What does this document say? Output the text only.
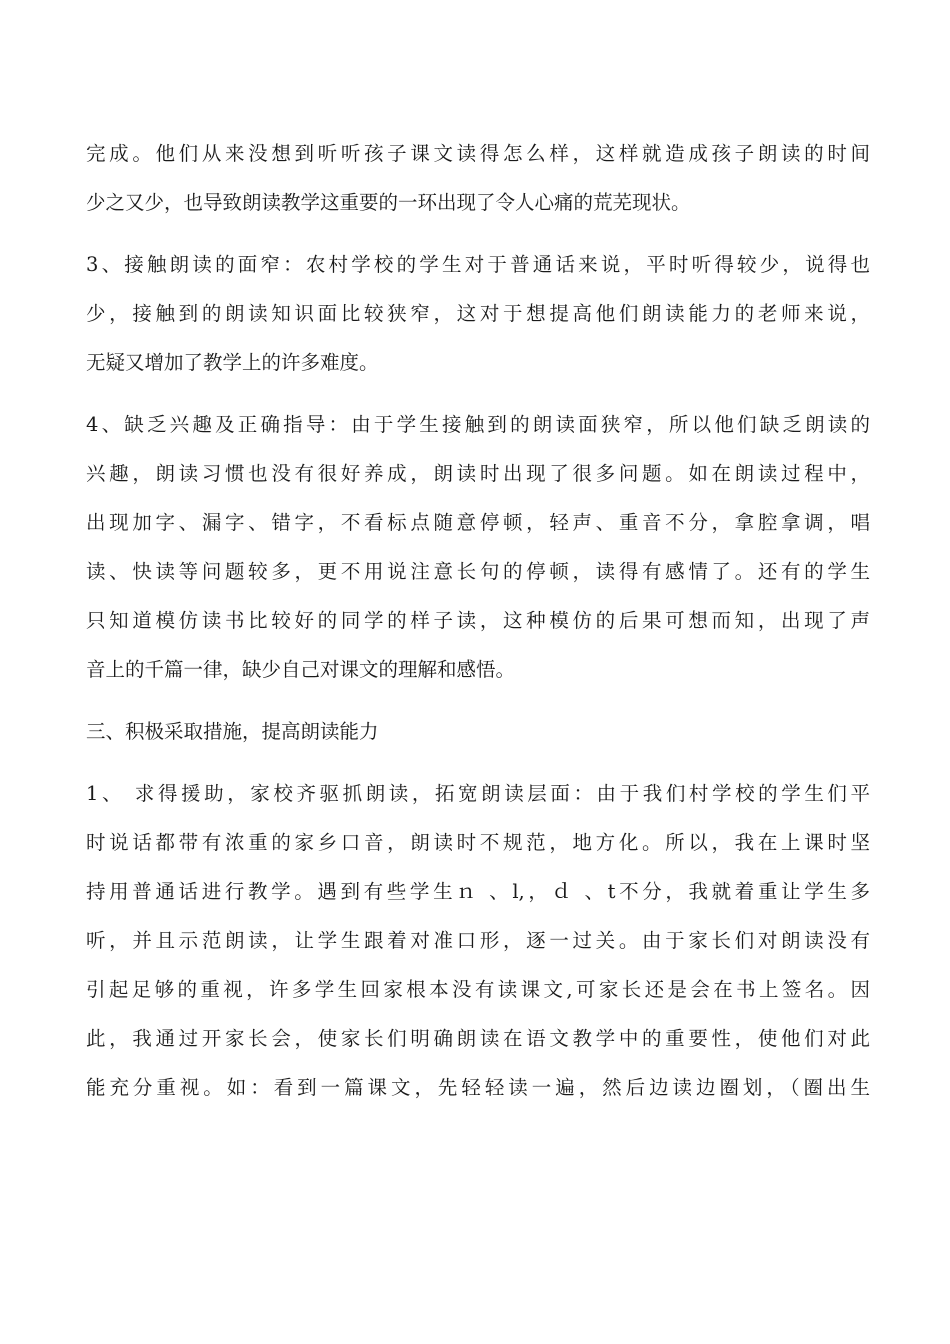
完成。他们从来没想到听听孩子课文读得怎么样，这样就造成孩子朗读的时间
少之又少，也导致朗读教学这重要的一环出现了令人心痛的荒芜现状。
3、接触朗读的面窄：农村学校的学生对于普通话来说，平时听得较少，说得也
少，接触到的朗读知识面比较狭窄，这对于想提高他们朗读能力的老师来说，
无疑又增加了教学上的许多难度。
4、缺乏兴趣及正确指导：由于学生接触到的朗读面狭窄，所以他们缺乏朗读的
兴趣，朗读习惯也没有很好养成，朗读时出现了很多问题。如在朗读过程中，
出现加字、漏字、错字，不看标点随意停顿，轻声、重音不分，拿腔拿调，唱
读、快读等问题较多，更不用说注意长句的停顿，读得有感情了。还有的学生
只知道模仿读书比较好的同学的样子读，这种模仿的后果可想而知，出现了声
音上的千篇一律，缺少自己对课文的理解和感悟。
三、积极采取措施，提高朗读能力
1、 求得援助，家校齐驱抓朗读，拓宽朗读层面：由于我们村学校的学生们平
时说话都带有浓重的家乡口音，朗读时不规范，地方化。所以，我在上课时坚
持用普通话进行教学。遇到有些学生ｎ 、l,，ｄ 、t不分，我就着重让学生多
听，并且示范朗读，让学生跟着对准口形，逐一过关。由于家长们对朗读没有
引起足够的重视，许多学生回家根本没有读课文,可家长还是会在书上签名。因
此，我通过开家长会，使家长们明确朗读在语文教学中的重要性，使他们对此
能充分重视。如：看到一篇课文，先轻轻读一遍，然后边读边圈划，（圈出生
